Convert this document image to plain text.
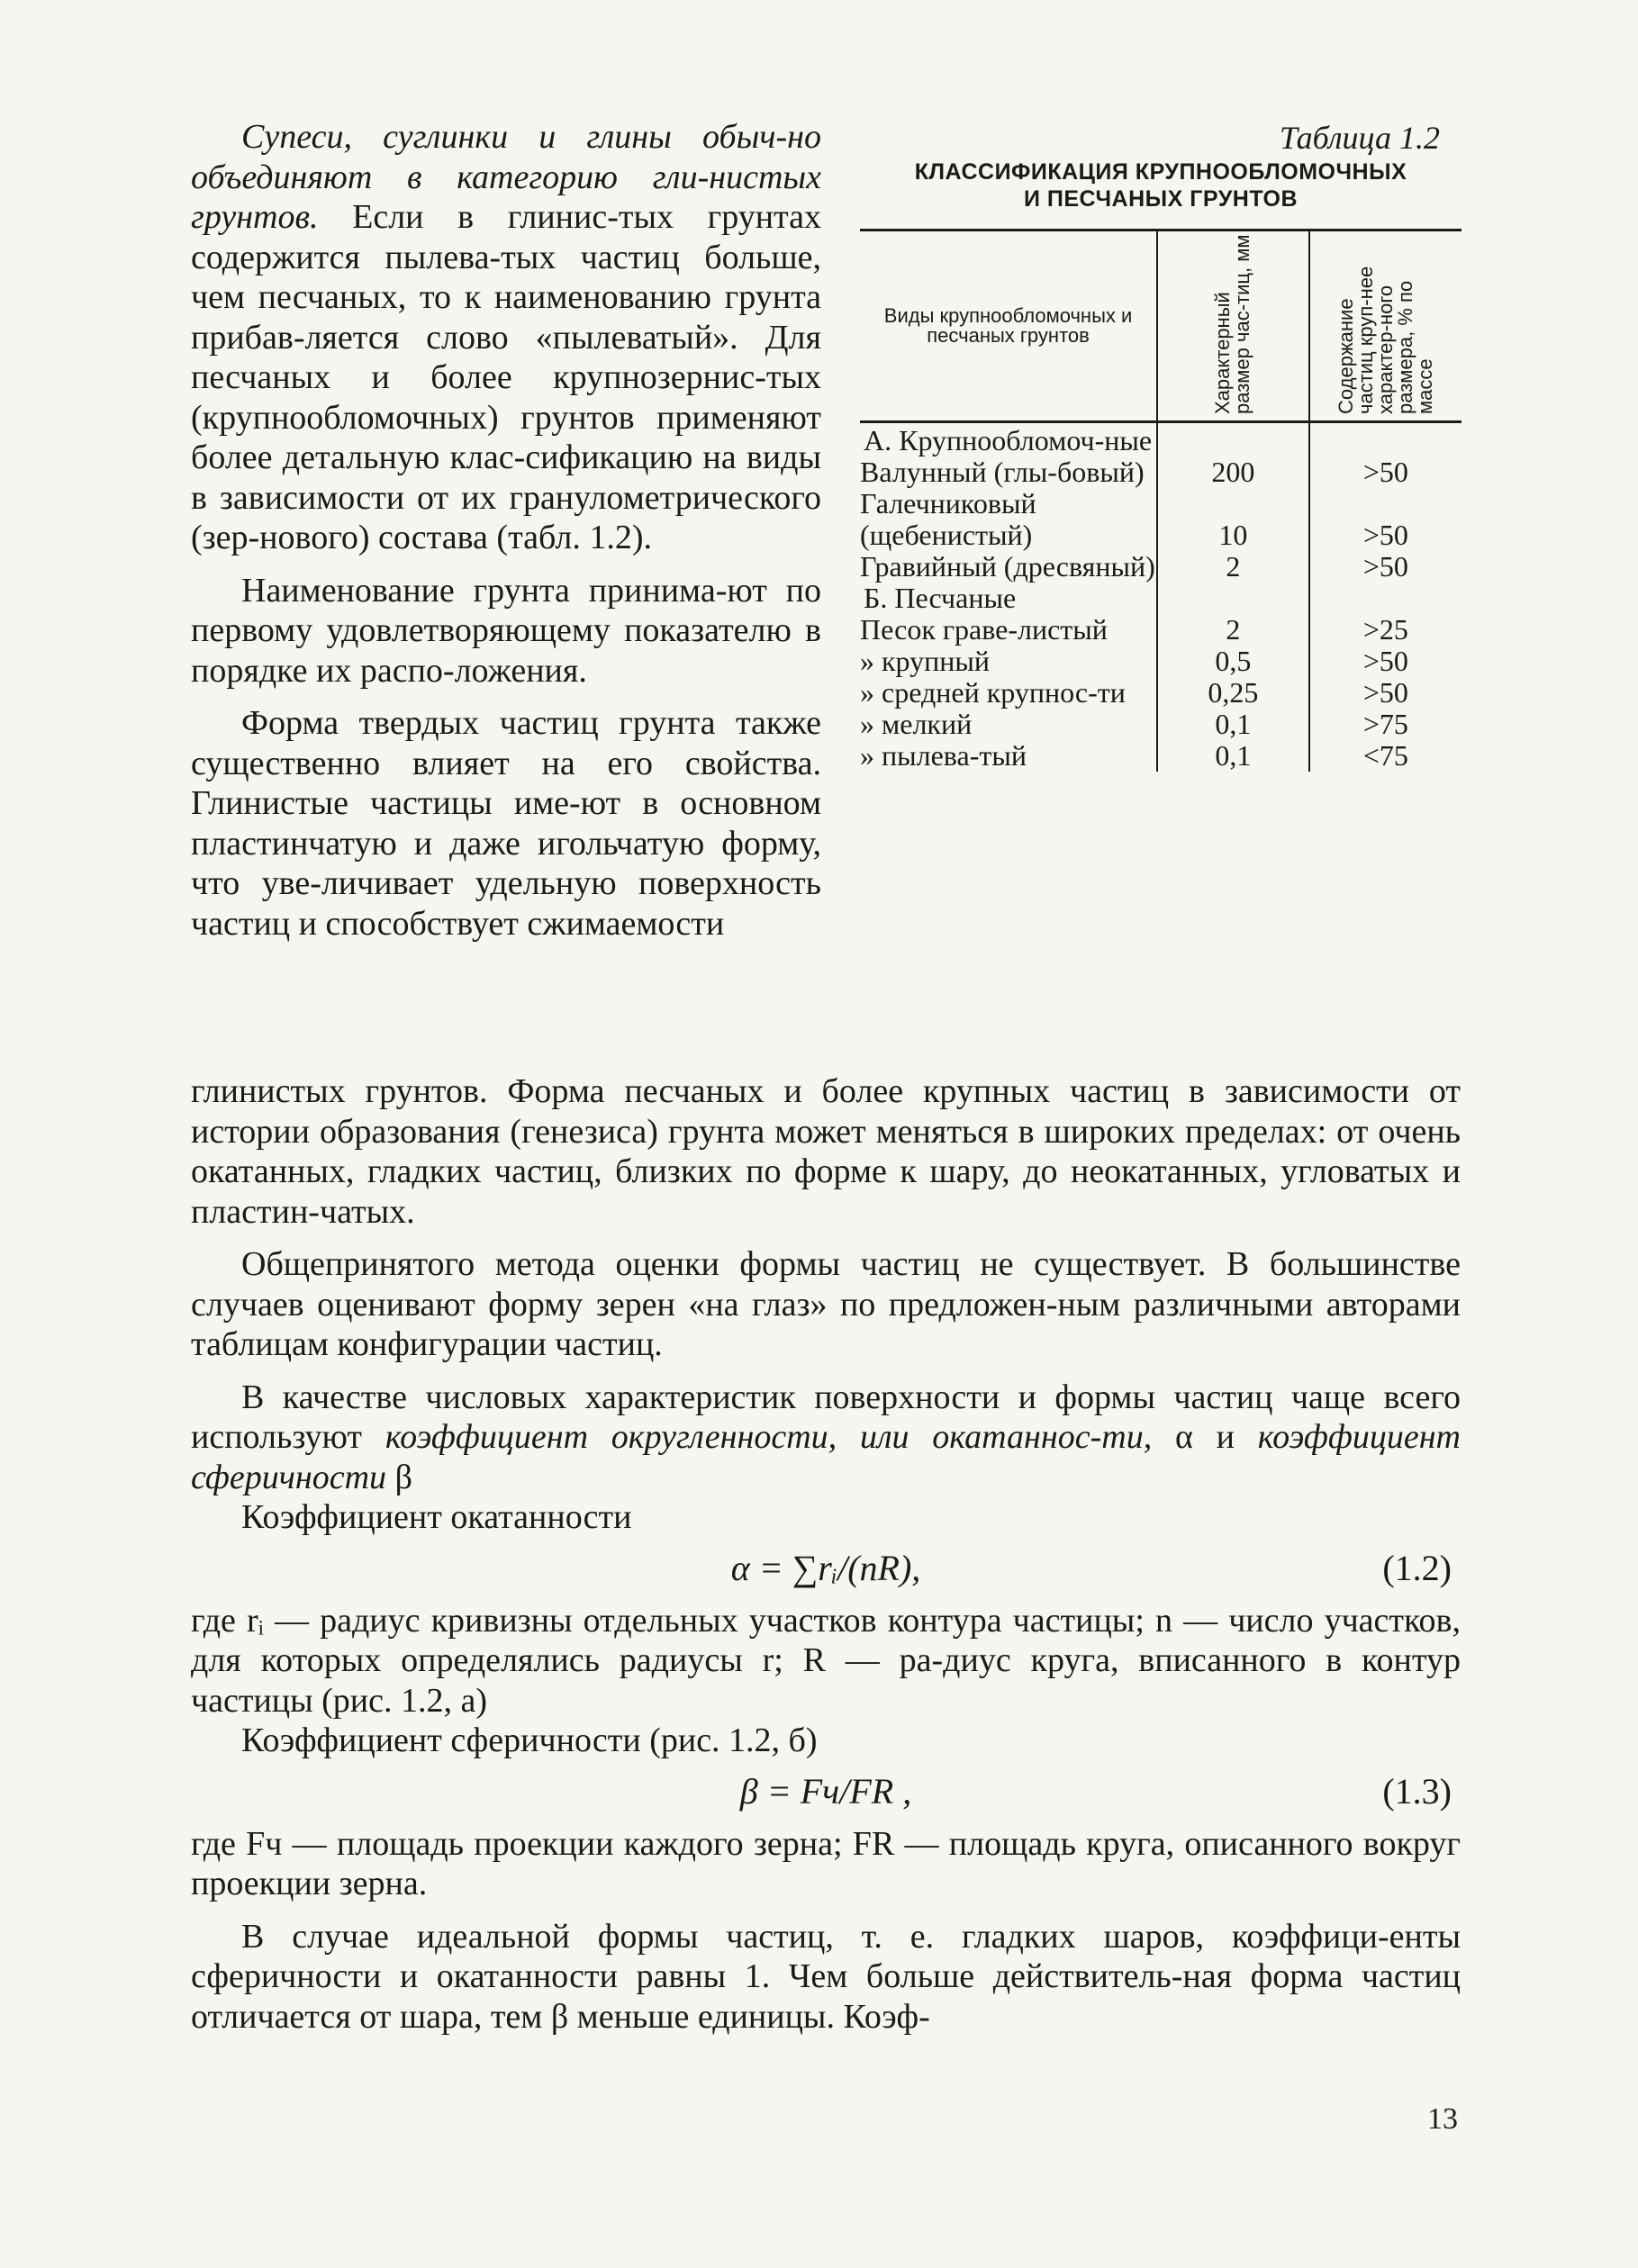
Супеси, суглинки и глины обыч-но объединяют в категорию гли-нистых грунтов. Если в глинис-тых грунтах содержится пылева-тых частиц больше, чем песчаных, то к наименованию грунта прибав-ляется слово «пылеватый». Для песчаных и более крупнозернис-тых (крупнообломочных) грунтов применяют более детальную клас-сификацию на виды в зависимости от их гранулометрического (зер-нового) состава (табл. 1.2).

Наименование грунта принима-ют по первому удовлетворяющему показателю в порядке их распо-ложения.

Форма твердых частиц грунта также существенно влияет на его свойства. Глинистые частицы име-ют в основном пластинчатую и даже игольчатую форму, что уве-личивает удельную поверхность частиц и способствует сжимаемости

Таблица 1.2
КЛАССИФИКАЦИЯ КРУПНООБЛОМОЧНЫХ
И ПЕСЧАНЫХ ГРУНТОВ
Виды крупнообломочных и песчаных грунтов	Характерный размер час-тиц, мм	Содержание частиц круп-нее характер-ного размера, % по массе
А. Крупнообломоч-ные		
Валунный (глы-бовый)	200	>50
Галечниковый (щебенистый)	10	>50
Гравийный (дресвяный)	2	>50
Б. Песчаные		
Песок граве-листый	2	>25
» крупный	0,5	>50
» средней крупнос-ти	0,25	>50
» мелкий	0,1	>75
» пылева-тый	0,1	<75

глинистых грунтов. Форма песчаных и более крупных частиц в зависимости от истории образования (генезиса) грунта может меняться в широких пределах: от очень окатанных, гладких частиц, близких по форме к шару, до неокатанных, угловатых и пластин-чатых.

Общепринятого метода оценки формы частиц не существует. В большинстве случаев оценивают форму зерен «на глаз» по предложен-ным различными авторами таблицам конфигурации частиц.

В качестве числовых характеристик поверхности и формы частиц чаще всего используют коэффициент округленности, или окатаннос-ти, α и коэффициент сферичности β

Коэффициент окатанности

α = ∑rᵢ/(nR),	(1.2)

где rᵢ — радиус кривизны отдельных участков контура частицы; n — число участков, для которых определялись радиусы r; R — ра-диус круга, вписанного в контур частицы (рис. 1.2, а)

Коэффициент сферичности (рис. 1.2, б)

β = Fч/FR ,	(1.3)

где Fч — площадь проекции каждого зерна; FR — площадь круга, описанного вокруг проекции зерна.

В случае идеальной формы частиц, т. е. гладких шаров, коэффици-енты сферичности и окатанности равны 1. Чем больше действитель-ная форма частиц отличается от шара, тем β меньше единицы. Коэф-

13
